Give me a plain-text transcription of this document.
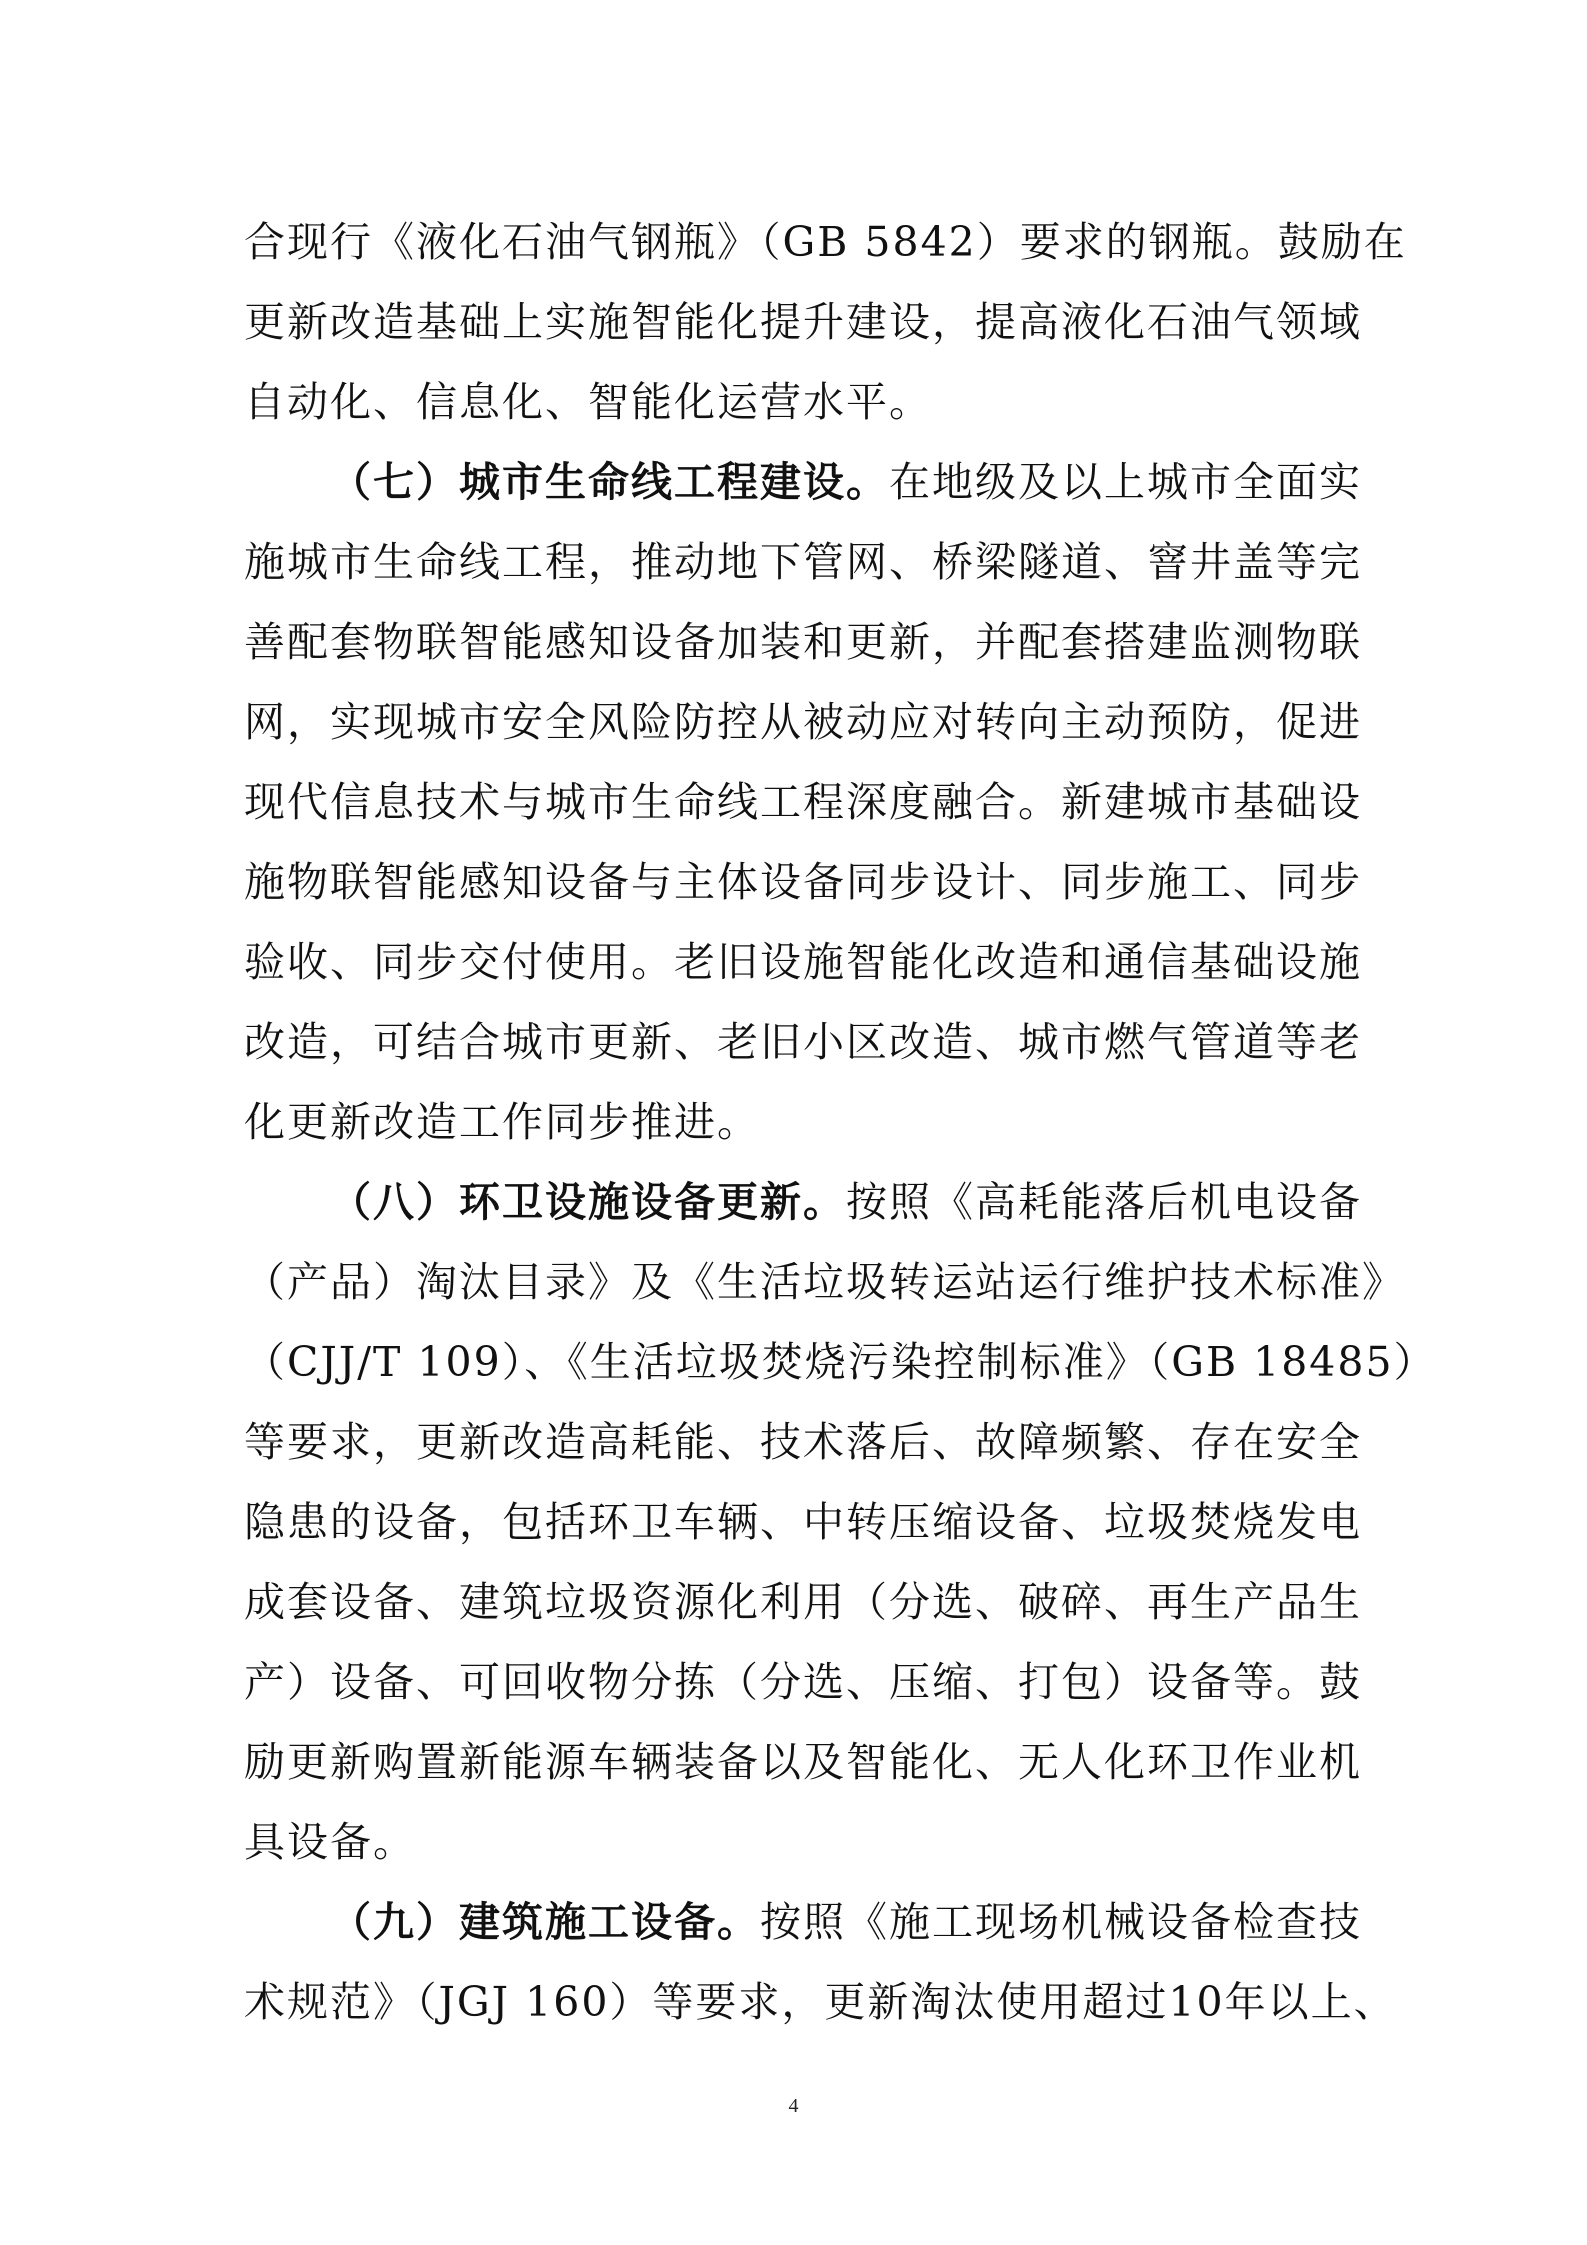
合现行《液化石油气钢瓶》（GB 5842）要求的钢瓶。鼓励在
更新改造基础上实施智能化提升建设，提高液化石油气领域
自动化、信息化、智能化运营水平。
（七）城市生命线工程建设。在地级及以上城市全面实
施城市生命线工程，推动地下管网、桥梁隧道、窨井盖等完
善配套物联智能感知设备加装和更新，并配套搭建监测物联
网，实现城市安全风险防控从被动应对转向主动预防，促进
现代信息技术与城市生命线工程深度融合。新建城市基础设
施物联智能感知设备与主体设备同步设计、同步施工、同步
验收、同步交付使用。老旧设施智能化改造和通信基础设施
改造，可结合城市更新、老旧小区改造、城市燃气管道等老
化更新改造工作同步推进。
（八）环卫设施设备更新。按照《高耗能落后机电设备
（产品）淘汰目录》及《生活垃圾转运站运行维护技术标准》
（CJJ/T 109）、《生活垃圾焚烧污染控制标准》（GB 18485）
等要求，更新改造高耗能、技术落后、故障频繁、存在安全
隐患的设备，包括环卫车辆、中转压缩设备、垃圾焚烧发电
成套设备、建筑垃圾资源化利用（分选、破碎、再生产品生
产）设备、可回收物分拣（分选、压缩、打包）设备等。鼓
励更新购置新能源车辆装备以及智能化、无人化环卫作业机
具设备。
（九）建筑施工设备。按照《施工现场机械设备检查技
术规范》（JGJ 160）等要求，更新淘汰使用超过10年以上、
4
